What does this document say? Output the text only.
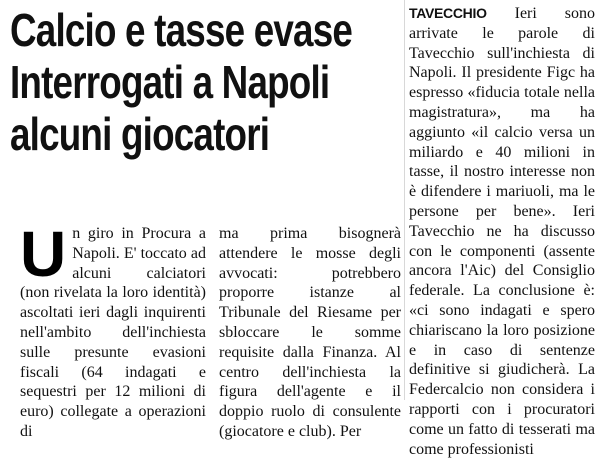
Calcio e tasse evase
Interrogati a Napoli
alcuni giocatori
Un giro in Procura a Napoli. E' toccato ad alcuni calciatori (non rivelata la loro identità) ascoltati ieri dagli inquirenti nell'ambito dell'inchiesta sulle presunte evasioni fiscali (64 indagati e sequestri per 12 milioni di euro) collegate a operazioni di
ma prima bisognerà attendere le mosse degli avvocati: potrebbero proporre istanze al Tribunale del Riesame per sbloccare le somme requisite dalla Finanza. Al centro dell'inchiesta la figura dell'agente e il doppio ruolo di consulente (giocatore e club). Per
TAVECCHIO Ieri sono arrivate le parole di Tavecchio sull'inchiesta di Napoli. Il presidente Figc ha espresso «fiducia totale nella magistratura», ma ha aggiunto «il calcio versa un miliardo e 40 milioni in tasse, il nostro interesse non è difendere i mariuoli, ma le persone per bene». Ieri Tavecchio ne ha discusso con le componenti (assente ancora l'Aic) del Consiglio federale. La conclusione è: «ci sono indagati e spero chiariscano la loro posizione e in caso di sentenze definitive si giudicherà. La Federcalcio non considera i rapporti con i procuratori come un fatto di tesserati ma come professionisti
